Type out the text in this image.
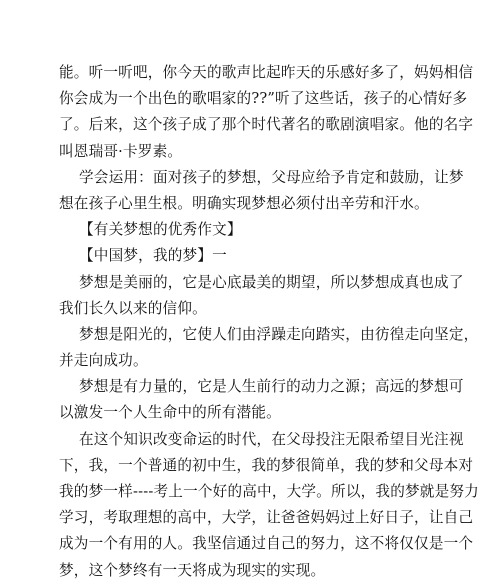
能。听一听吧，你今天的歌声比起昨天的乐感好多了，妈妈相信
你会成为一个出色的歌唱家的??”听了这些话，孩子的心情好多
了。后来，这个孩子成了那个时代著名的歌剧演唱家。他的名字
叫恩瑞哥·卡罗素。
学会运用：面对孩子的梦想，父母应给予肯定和鼓励，让梦
想在孩子心里生根。明确实现梦想必须付出辛劳和汗水。
【有关梦想的优秀作文】
【中国梦，我的梦】一
梦想是美丽的，它是心底最美的期望，所以梦想成真也成了
我们长久以来的信仰。
梦想是阳光的，它使人们由浮躁走向踏实，由彷徨走向坚定，
并走向成功。
梦想是有力量的，它是人生前行的动力之源；高远的梦想可
以激发一个人生命中的所有潜能。
在这个知识改变命运的时代，在父母投注无限希望目光注视
下，我，一个普通的初中生，我的梦很简单，我的梦和父母本对
我的梦一样----考上一个好的高中，大学。所以，我的梦就是努力
学习，考取理想的高中，大学，让爸爸妈妈过上好日子，让自己
成为一个有用的人。我坚信通过自己的努力，这不将仅仅是一个
梦，这个梦终有一天将成为现实的实现。
